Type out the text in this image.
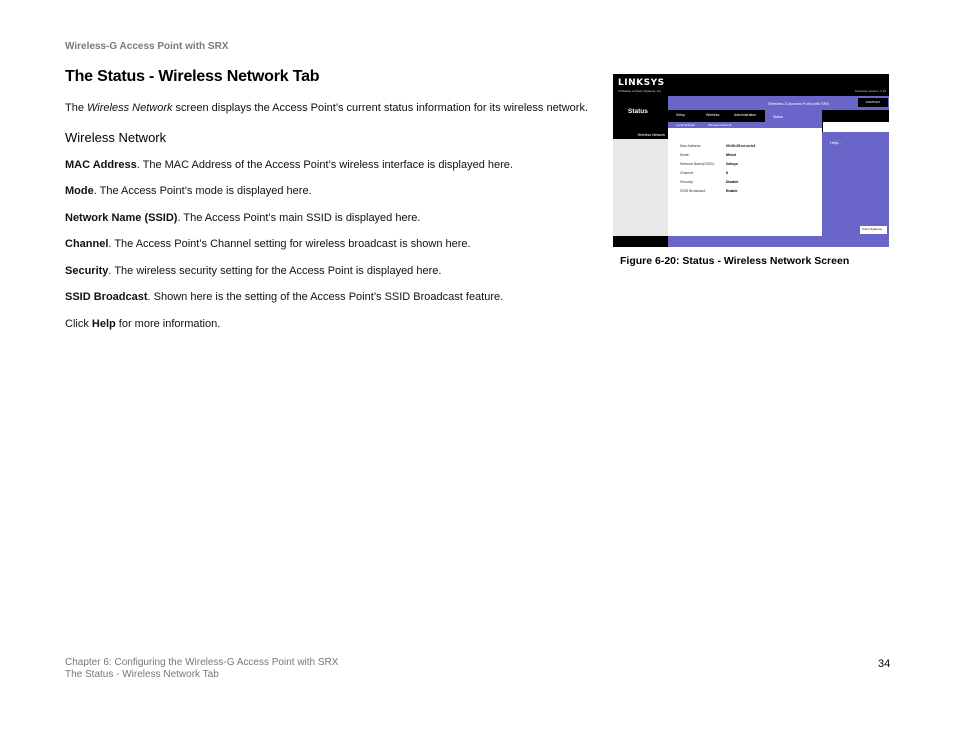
Wireless-G Access Point with SRX
The Status - Wireless Network Tab
The Wireless Network screen displays the Access Point’s current status information for its wireless network.
Wireless Network
MAC Address. The MAC Address of the Access Point’s wireless interface is displayed here.
Mode. The Access Point’s mode is displayed here.
Network Name (SSID). The Access Point’s main SSID is displayed here.
Channel. The Access Point’s Channel setting for wireless broadcast is shown here.
Security. The wireless security setting for the Access Point is displayed here.
SSID Broadcast. Shown here is the setting of the Access Point’s SSID Broadcast feature.
Click Help for more information.
LINKSYS
A Division of Cisco Systems, Inc.	Firmware Version: 1.10
Status
Wireless-G Access Point with SRX	WAP54GX
Setup	Wireless	Administration	Status
Local Network	Wireless Network
Wireless Network
Mac Address:	00:06:25:xx:xx:b3
Mode:	Mixed
Network Name(SSID):	linksys
Channel:	6
Security:	Disable
SSID Broadcast:	Enable
Help...
Cisco Systems
Figure 6-20: Status - Wireless Network Screen
Chapter 6: Configuring the Wireless-G Access Point with SRX
The Status - Wireless Network Tab
34
